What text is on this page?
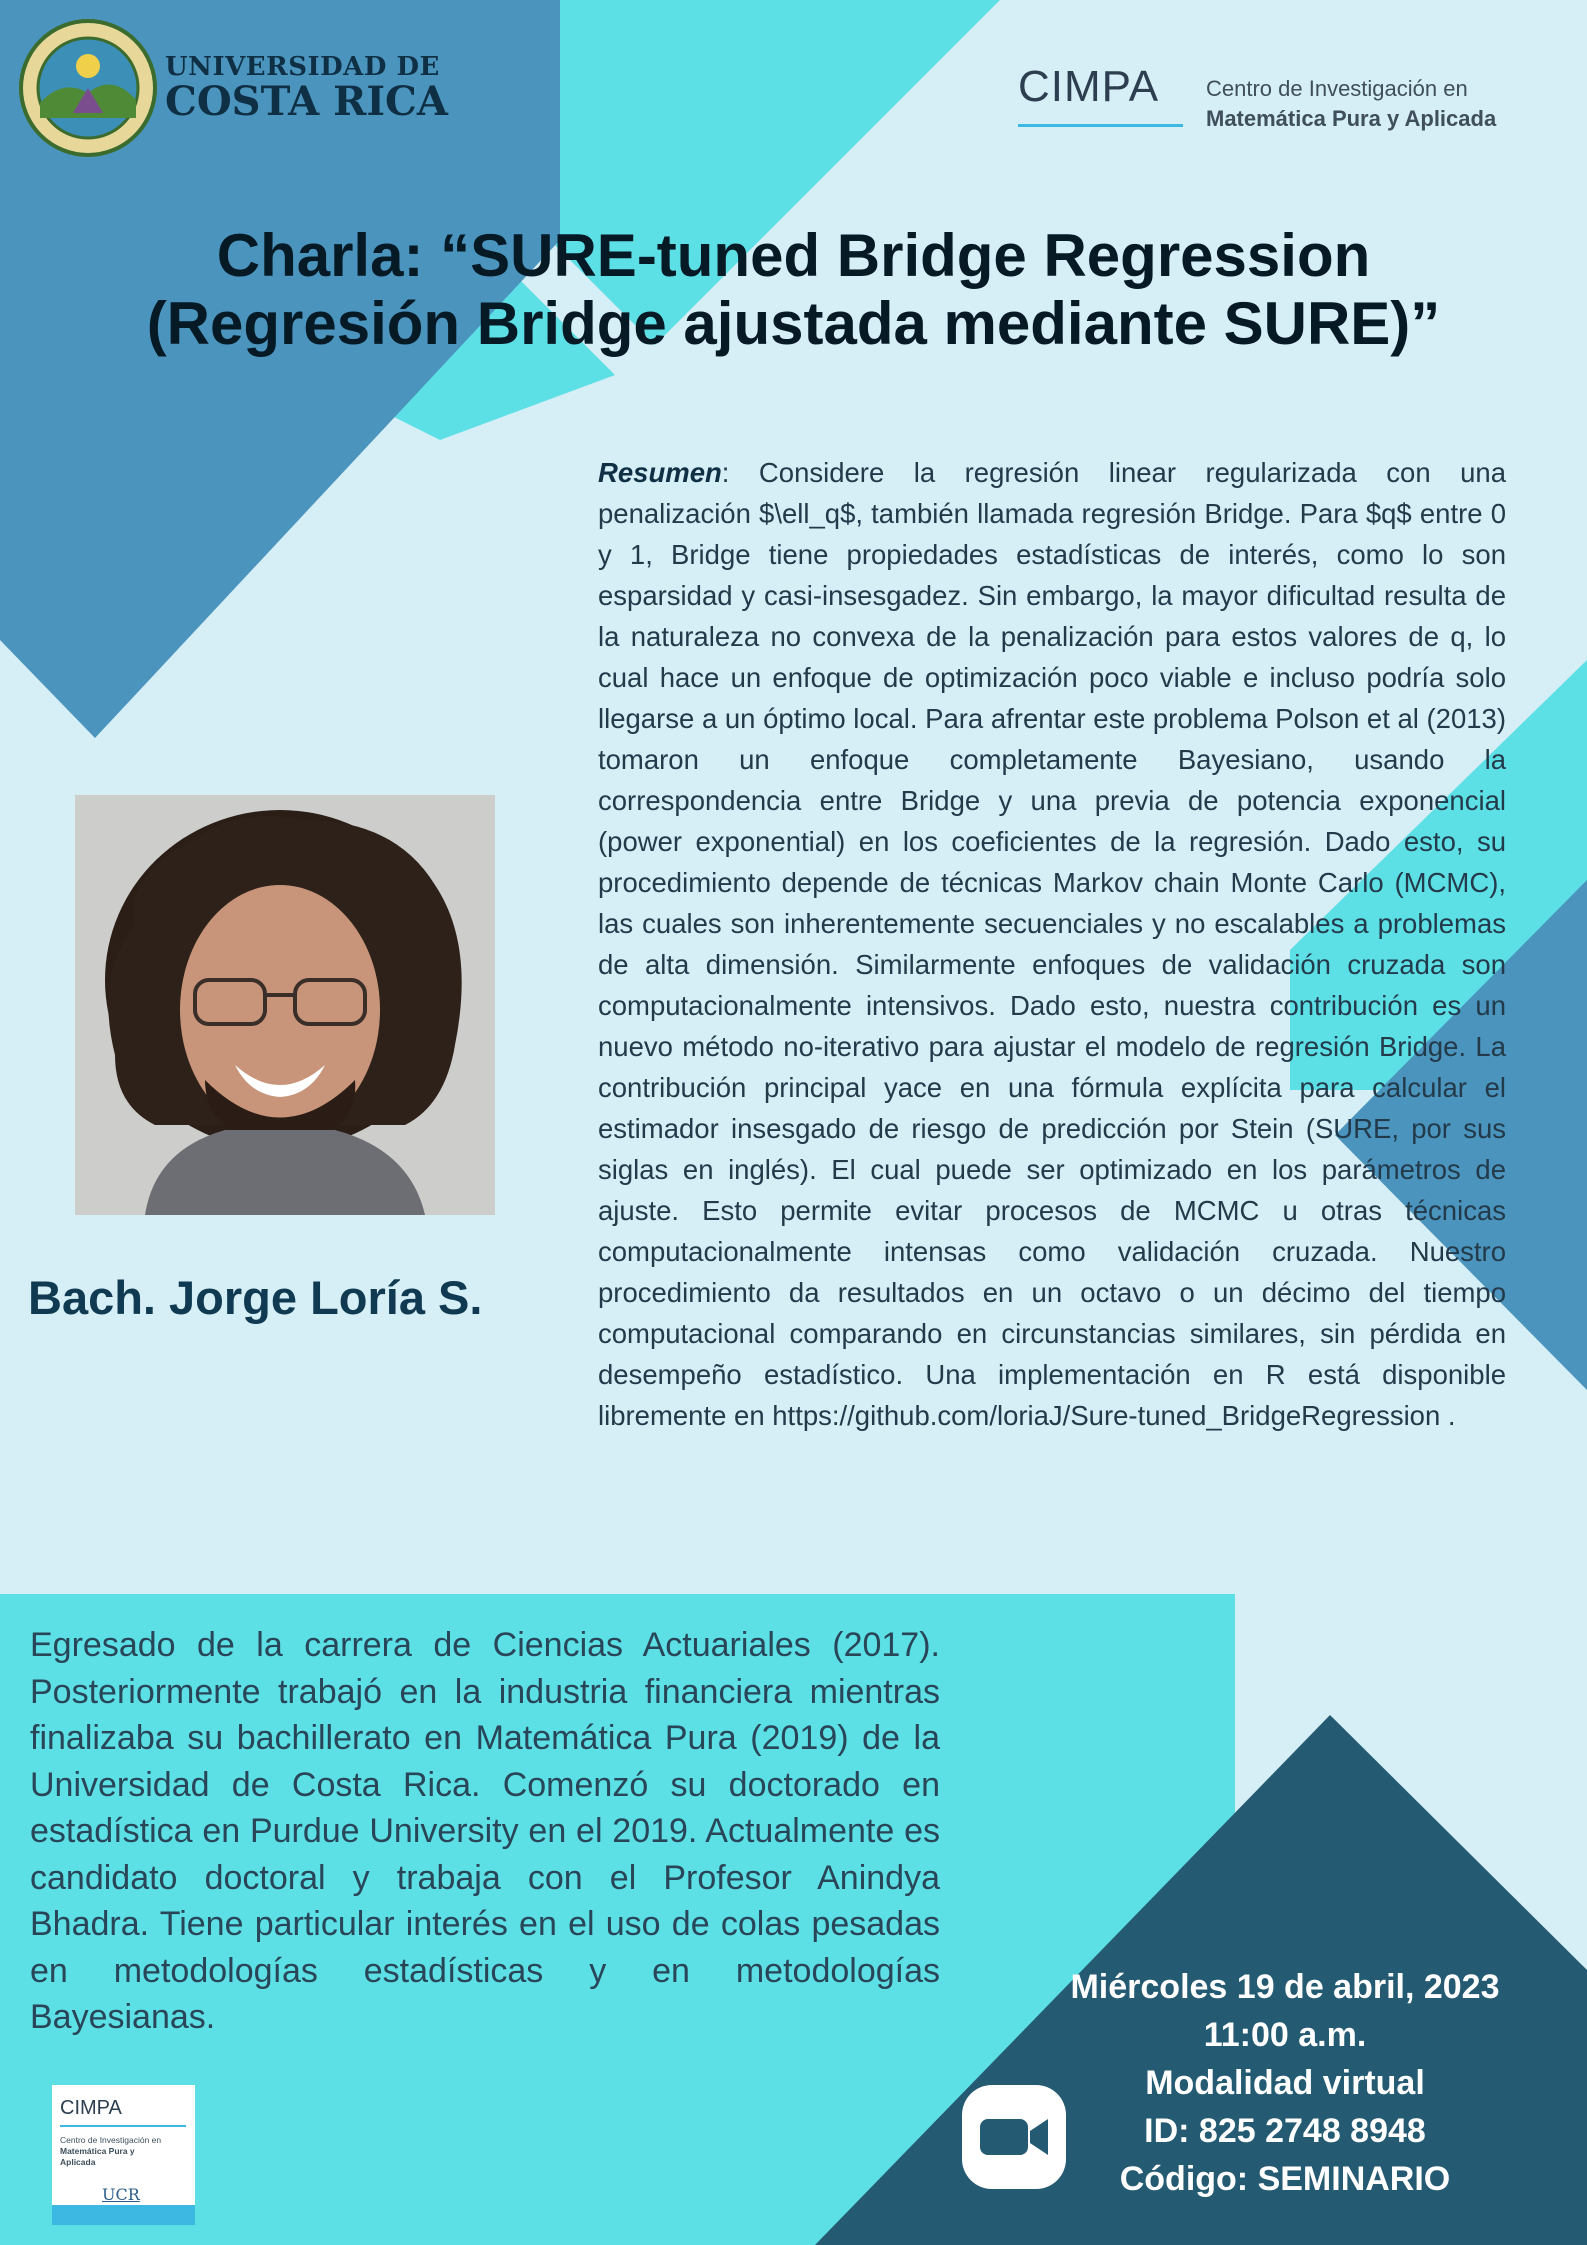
UNIVERSIDAD DE
COSTA RICA	CIMPA Centro de Investigación en
Matemática Pura y Aplicada
Charla: “SURE-tuned Bridge Regression
(Regresión Bridge ajustada mediante SURE)”
Bach. Jorge Loría S.
Resumen: Considere la regresión linear regularizada con una penalización $\ell_q$, también llamada regresión Bridge. Para $q$ entre 0 y 1, Bridge tiene propiedades estadísticas de interés, como lo son esparsidad y casi-insesgadez. Sin embargo, la mayor dificultad resulta de la naturaleza no convexa de la penalización para estos valores de q, lo cual hace un enfoque de optimización poco viable e incluso podría solo llegarse a un óptimo local. Para afrentar este problema Polson et al (2013) tomaron un enfoque completamente Bayesiano, usando la correspondencia entre Bridge y una previa de potencia exponencial (power exponential) en los coeficientes de la regresión. Dado esto, su procedimiento depende de técnicas Markov chain Monte Carlo (MCMC), las cuales son inherentemente secuenciales y no escalables a problemas de alta dimensión. Similarmente enfoques de validación cruzada son computacionalmente intensivos. Dado esto, nuestra contribución es un nuevo método no-iterativo para ajustar el modelo de regresión Bridge. La contribución principal yace en una fórmula explícita para calcular el estimador insesgado de riesgo de predicción por Stein (SURE, por sus siglas en inglés). El cual puede ser optimizado en los parámetros de ajuste. Esto permite evitar procesos de MCMC u otras técnicas computacionalmente intensas como validación cruzada. Nuestro procedimiento da resultados en un octavo o un décimo del tiempo computacional comparando en circunstancias similares, sin pérdida en desempeño estadístico. Una implementación en R está disponible libremente en https://github.com/loriaJ/Sure-tuned_BridgeRegression .
Egresado de la carrera de Ciencias Actuariales (2017). Posteriormente trabajó en la industria financiera mientras finalizaba su bachillerato en Matemática Pura (2019) de la Universidad de Costa Rica. Comenzó su doctorado en estadística en Purdue University en el 2019. Actualmente es candidato doctoral y trabaja con el Profesor Anindya Bhadra. Tiene particular interés en el uso de colas pesadas en metodologías estadísticas y en metodologías Bayesianas.
CIMPA
Centro de Investigación en
Matemática Pura y
Aplicada
UCR
Miércoles 19 de abril, 2023
11:00 a.m.
Modalidad virtual
ID: 825 2748 8948
Código: SEMINARIO
